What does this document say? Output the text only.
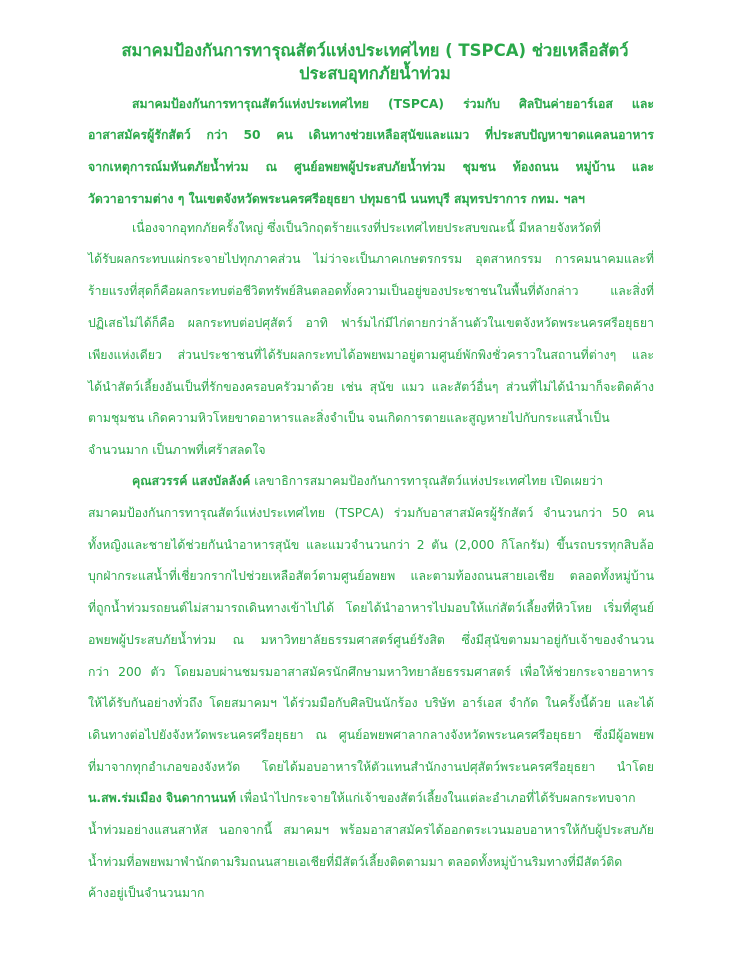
สมาคมป้องกันการทารุณสัตว์แห่งประเทศไทย ( TSPCA) ช่วยเหลือสัตว์
ประสบอุทกภัยน้ำท่วม
สมาคมป้องกันการทารุณสัตว์แห่งประเทศไทย (TSPCA) ร่วมกับ ศิลปินค่ายอาร์เอส และ
อาสาสมัครผู้รักสัตว์ กว่า 50 คน เดินทางช่วยเหลือสุนัขและแมว ที่ประสบปัญหาขาดแคลนอาหาร
จากเหตุการณ์มหันตภัยน้ำท่วม ณ ศูนย์อพยพผู้ประสบภัยน้ำท่วม ชุมชน ท้องถนน หมู่บ้าน และ
วัดวาอารามต่าง ๆ ในเขตจังหวัดพระนครศรีอยุธยา ปทุมธานี นนทบุรี สมุทรปราการ กทม. ฯลฯ
เนื่องจากอุทกภัยครั้งใหญ่ ซึ่งเป็นวิกฤตร้ายแรงที่ประเทศไทยประสบขณะนี้ มีหลายจังหวัดที่
ได้รับผลกระทบแผ่กระจายไปทุกภาคส่วน ไม่ว่าจะเป็นภาคเกษตรกรรม อุตสาหกรรม การคมนาคมและที่
ร้ายแรงที่สุดก็คือผลกระทบต่อชีวิตทรัพย์สินตลอดทั้งความเป็นอยู่ของประชาชนในพื้นที่ดังกล่าว และสิ่งที่
ปฏิเสธไม่ได้ก็คือ ผลกระทบต่อปศุสัตว์ อาทิ ฟาร์มไก่มีไก่ตายกว่าล้านตัวในเขตจังหวัดพระนครศรีอยุธยา
เพียงแห่งเดียว ส่วนประชาชนที่ได้รับผลกระทบได้อพยพมาอยู่ตามศูนย์พักพิงชั่วคราวในสถานที่ต่างๆ และ
ได้นำสัตว์เลี้ยงอันเป็นที่รักของครอบครัวมาด้วย เช่น สุนัข แมว และสัตว์อื่นๆ ส่วนที่ไม่ได้นำมาก็จะติดค้าง
ตามชุมชน เกิดความหิวโหยขาดอาหารและสิ่งจำเป็น จนเกิดการตายและสูญหายไปกับกระแสน้ำเป็น
จำนวนมาก เป็นภาพที่เศร้าสลดใจ
คุณสวรรค์ แสงบัลลังค์ เลขาธิการสมาคมป้องกันการทารุณสัตว์แห่งประเทศไทย เปิดเผยว่า
สมาคมป้องกันการทารุณสัตว์แห่งประเทศไทย (TSPCA) ร่วมกับอาสาสมัครผู้รักสัตว์ จำนวนกว่า 50 คน
ทั้งหญิงและชายได้ช่วยกันนำอาหารสุนัข และแมวจำนวนกว่า 2 ตัน (2,000 กิโลกรัม) ขึ้นรถบรรทุกสิบล้อ
บุกฝ่ากระแสน้ำที่เชี่ยวกรากไปช่วยเหลือสัตว์ตามศูนย์อพยพ และตามท้องถนนสายเอเชีย ตลอดทั้งหมู่บ้าน
ที่ถูกน้ำท่วมรถยนต์ไม่สามารถเดินทางเข้าไปได้ โดยได้นำอาหารไปมอบให้แก่สัตว์เลี้ยงที่หิวโหย เริ่มที่ศูนย์
อพยพผู้ประสบภัยน้ำท่วม ณ มหาวิทยาลัยธรรมศาสตร์ศูนย์รังสิต ซึ่งมีสุนัขตามมาอยู่กับเจ้าของจำนวน
กว่า 200 ตัว โดยมอบผ่านชมรมอาสาสมัครนักศึกษามหาวิทยาลัยธรรมศาสตร์ เพื่อให้ช่วยกระจายอาหาร
ให้ได้รับกันอย่างทั่วถึง โดยสมาคมฯ ได้ร่วมมือกับศิลปินนักร้อง บริษัท อาร์เอส จำกัด ในครั้งนี้ด้วย และได้
เดินทางต่อไปยังจังหวัดพระนครศรีอยุธยา ณ ศูนย์อพยพศาลากลางจังหวัดพระนครศรีอยุธยา ซึ่งมีผู้อพยพ
ที่มาจากทุกอำเภอของจังหวัด โดยได้มอบอาหารให้ตัวแทนสำนักงานปศุสัตว์พระนครศรีอยุธยา นำโดย
น.สพ.ร่มเมือง จินดากานนท์ เพื่อนำไปกระจายให้แก่เจ้าของสัตว์เลี้ยงในแต่ละอำเภอที่ได้รับผลกระทบจาก
น้ำท่วมอย่างแสนสาหัส นอกจากนี้ สมาคมฯ พร้อมอาสาสมัครได้ออกตระเวนมอบอาหารให้กับผู้ประสบภัย
น้ำท่วมที่อพยพมาพำนักตามริมถนนสายเอเชียที่มีสัตว์เลี้ยงติดตามมา ตลอดทั้งหมู่บ้านริมทางที่มีสัตว์ติด
ค้างอยู่เป็นจำนวนมาก
